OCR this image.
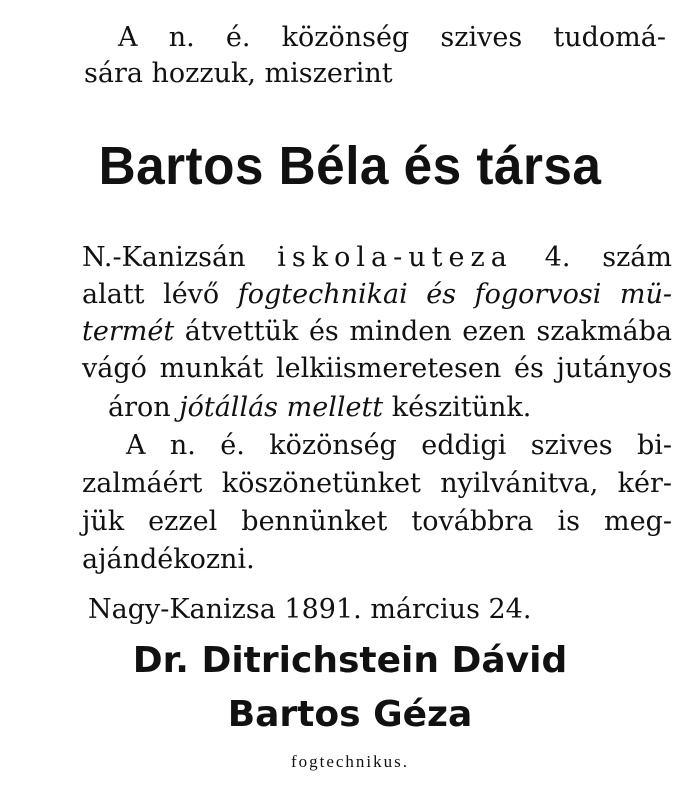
A n. é. közönség szives tudomá-
sára hozzuk, miszerint
Bartos Béla és társa
N.-Kanizsán iskola-uteza 4. szám
alatt lévő fogtechnikai és fogorvosi mü-
termét átvettük és minden ezen szakmába
vágó munkát lelkiismeretesen és jutányos
áron jótállás mellett készitünk.
A n. é. közönség eddigi szives bi-
zalmáért köszönetünket nyilvánitva, kér-
jük ezzel bennünket továbbra is meg-
ajándékozni.
Nagy-Kanizsa 1891. március 24.
Dr. Ditrichstein Dávid
Bartos Géza
fogtechnikus.
